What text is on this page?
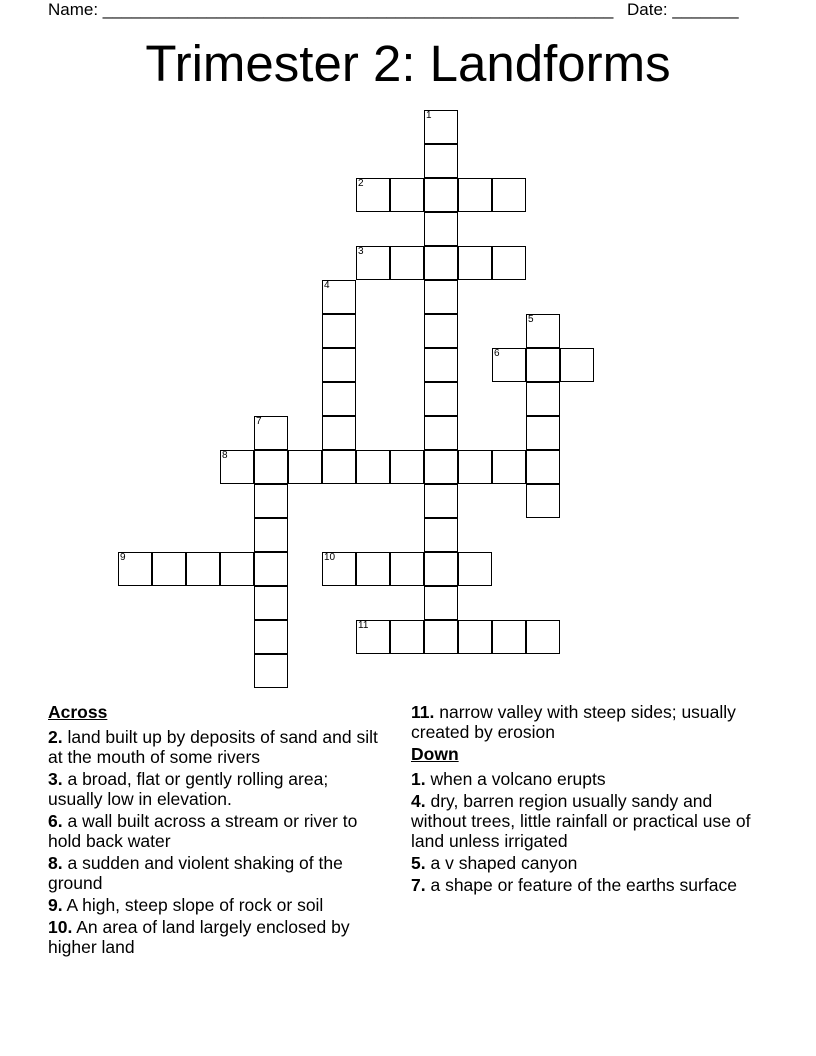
Name: ______________________________________________________ Date: _______
Trimester 2: Landforms
1
2
3
4
5
6
7
8
9	10
11
Across
2. land built up by deposits of sand and silt at the mouth of some rivers
3. a broad, flat or gently rolling area; usually low in elevation.
6. a wall built across a stream or river to hold back water
8. a sudden and violent shaking of the ground
9. A high, steep slope of rock or soil
10. An area of land largely enclosed by higher land
11. narrow valley with steep sides; usually created by erosion
Down
1. when a volcano erupts
4. dry, barren region usually sandy and without trees, little rainfall or practical use of land unless irrigated
5. a v shaped canyon
7. a shape or feature of the earths surface
